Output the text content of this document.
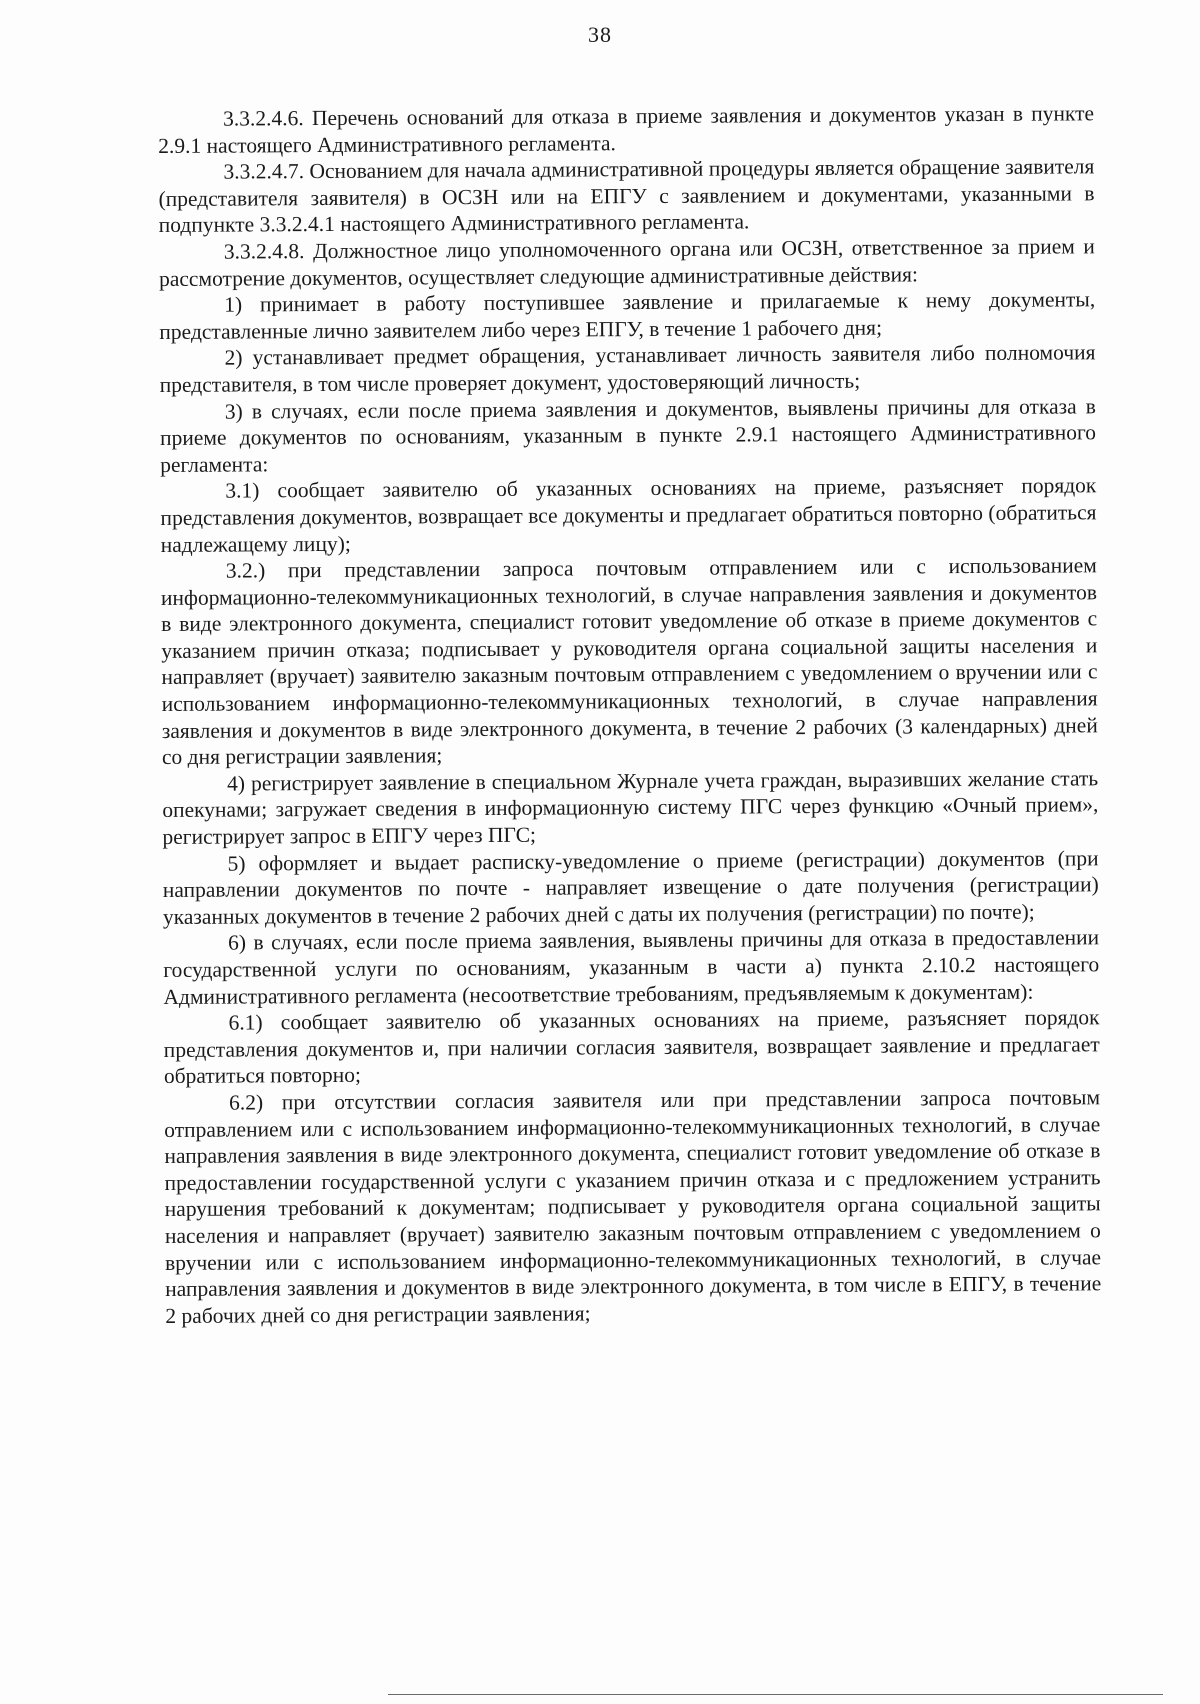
38

3.3.2.4.6. Перечень оснований для отказа в приеме заявления и документов указан в пункте 2.9.1 настоящего Административного регламента.

3.3.2.4.7. Основанием для начала административной процедуры является обращение заявителя (представителя заявителя) в ОСЗН или на ЕПГУ с заявлением и документами, указанными в подпункте 3.3.2.4.1 настоящего Административного регламента.

3.3.2.4.8. Должностное лицо уполномоченного органа или ОСЗН, ответственное за прием и рассмотрение документов, осуществляет следующие административные действия:

1) принимает в работу поступившее заявление и прилагаемые к нему документы, представленные лично заявителем либо через ЕПГУ, в течение 1 рабочего дня;

2) устанавливает предмет обращения, устанавливает личность заявителя либо полномочия представителя, в том числе проверяет документ, удостоверяющий личность;

3) в случаях, если после приема заявления и документов, выявлены причины для отказа в приеме документов по основаниям, указанным в пункте 2.9.1 настоящего Административного регламента:

3.1) сообщает заявителю об указанных основаниях на приеме, разъясняет порядок представления документов, возвращает все документы и предлагает обратиться повторно (обратиться надлежащему лицу);

3.2.) при представлении запроса почтовым отправлением или с использованием информационно-телекоммуникационных технологий, в случае направления заявления и документов в виде электронного документа, специалист готовит уведомление об отказе в приеме документов с указанием причин отказа; подписывает у руководителя органа социальной защиты населения и направляет (вручает) заявителю заказным почтовым отправлением с уведомлением о вручении или с использованием информационно-телекоммуникационных технологий, в случае направления заявления и документов в виде электронного документа, в течение 2 рабочих (3 календарных) дней со дня регистрации заявления;

4) регистрирует заявление в специальном Журнале учета граждан, выразивших желание стать опекунами; загружает сведения в информационную систему ПГС через функцию «Очный прием», регистрирует запрос в ЕПГУ через ПГС;

5) оформляет и выдает расписку-уведомление о приеме (регистрации) документов (при направлении документов по почте - направляет извещение о дате получения (регистрации) указанных документов в течение 2 рабочих дней с даты их получения (регистрации) по почте);

6) в случаях, если после приема заявления, выявлены причины для отказа в предоставлении государственной услуги по основаниям, указанным в части а) пункта 2.10.2 настоящего Административного регламента (несоответствие требованиям, предъявляемым к документам):

6.1) сообщает заявителю об указанных основаниях на приеме, разъясняет порядок представления документов и, при наличии согласия заявителя, возвращает заявление и предлагает обратиться повторно;

6.2) при отсутствии согласия заявителя или при представлении запроса почтовым отправлением или с использованием информационно-телекоммуникационных технологий, в случае направления заявления в виде электронного документа, специалист готовит уведомление об отказе в предоставлении государственной услуги с указанием причин отказа и с предложением устранить нарушения требований к документам; подписывает у руководителя органа социальной защиты населения и направляет (вручает) заявителю заказным почтовым отправлением с уведомлением о вручении или с использованием информационно-телекоммуникационных технологий, в случае направления заявления и документов в виде электронного документа, в том числе в ЕПГУ, в течение 2 рабочих дней со дня регистрации заявления;
